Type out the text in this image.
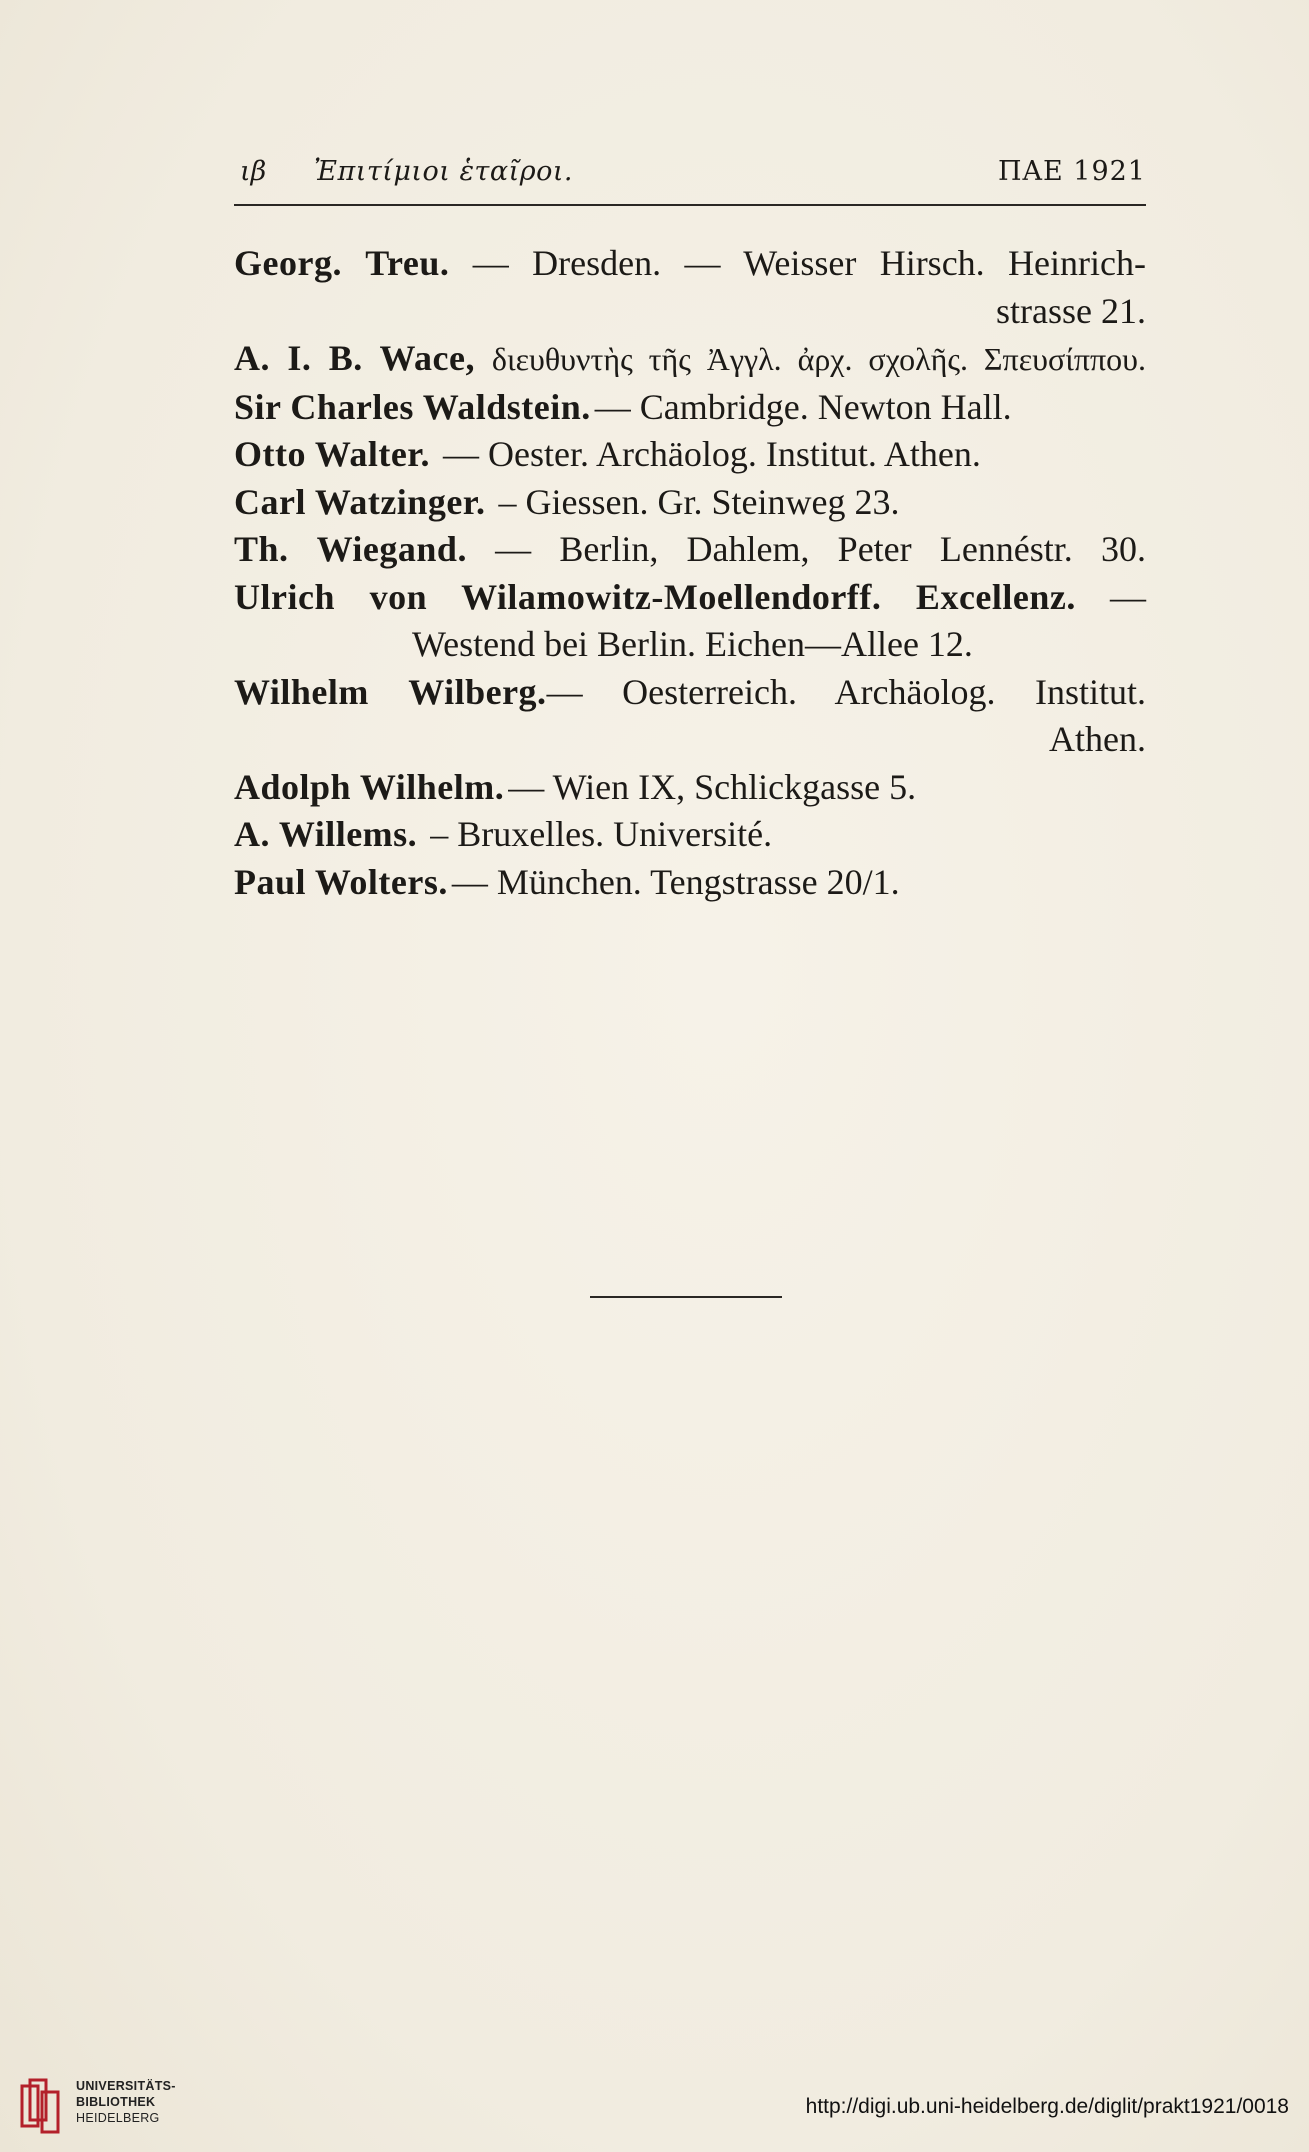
ιβ Ἐπιτίμιοι ἑταῖροι.	ΠΑΕ 1921
Georg. Treu. — Dresden. — Weisser Hirsch. Heinrich-
strasse 21.
A. I. B. Wace, διευθυντὴς τῆς Ἀγγλ. ἀρχ. σχολῆς. Σπευσίππου.
Sir Charles Waldstein. — Cambridge. Newton Hall.
Otto Walter. — Oester. Archäolog. Institut. Athen.
Carl Watzinger. – Giessen. Gr. Steinweg 23.
Th. Wiegand. — Berlin, Dahlem, Peter Lennéstr. 30.
Ulrich von Wilamowitz-Moellendorff. Excellenz. —
Westend bei Berlin. Eichen—Allee 12.
Wilhelm Wilberg.— Oesterreich. Archäolog. Institut.
Athen.
Adolph Wilhelm. — Wien IX, Schlickgasse 5.
A. Willems. – Bruxelles. Université.
Paul Wolters. — München. Tengstrasse 20/1.
UNIVERSITÄTS-
BIBLIOTHEK
HEIDELBERG	http://digi.ub.uni-heidelberg.de/diglit/prakt1921/0018
